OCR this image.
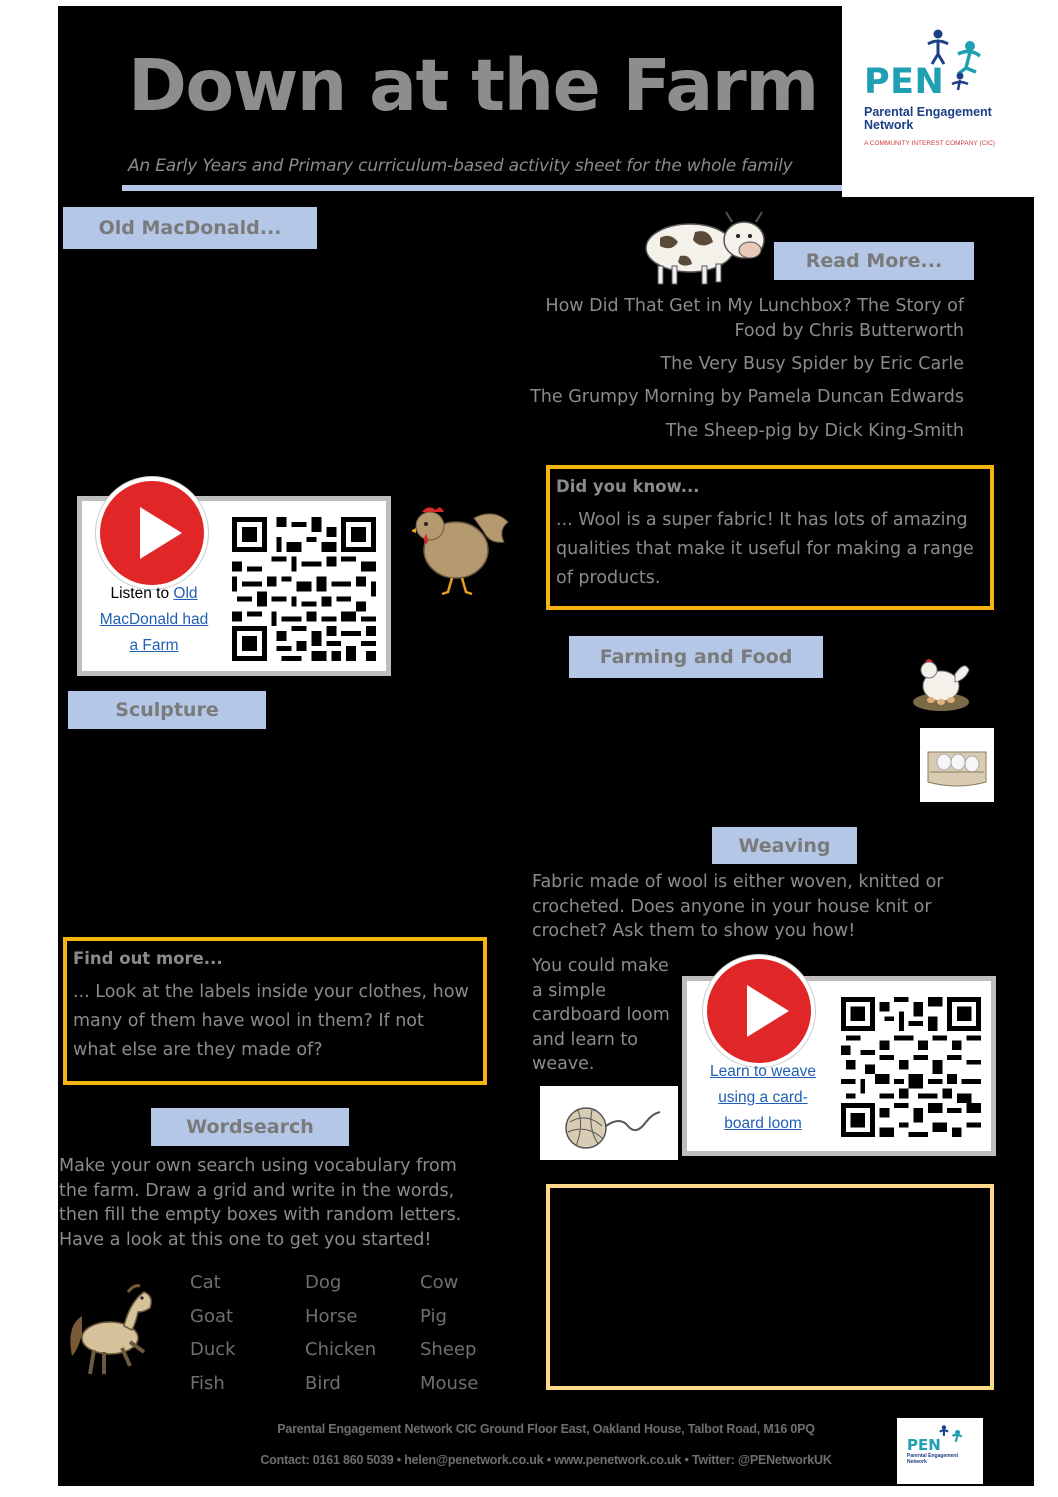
Down at the Farm
An Early Years and Primary curriculum-based activity sheet for the whole family
Old MacDonald...
Read More...
Farming and Food
Sculpture
Weaving
Wordsearch
How Did That Get in My Lunchbox? The Story of
Food by Chris Butterworth
The Very Busy Spider by Eric Carle
The Grumpy Morning by Pamela Duncan Edwards
The Sheep-pig by Dick King-Smith
Did you know...
... Wool is a super fabric! It has lots of amazing
qualities that make it useful for making a range
of products.
Listen to Old
MacDonald had
a Farm
Fabric made of wool is either woven, knitted or
crocheted. Does anyone in your house knit or
crochet? Ask them to show you how!
You could make
a simple
cardboard loom
and learn to
weave.	Learn to weave
using a card-
board loom
Find out more...
... Look at the labels inside your clothes, how
many of them have wool in them? If not
what else are they made of?
Make your own search using vocabulary from
the farm. Draw a grid and write in the words,
then fill the empty boxes with random letters.
Have a look at this one to get you started!
Cat	Dog	Cow
Goat	Horse	Pig
Duck	Chicken	Sheep
Fish	Bird	Mouse
Parental Engagement Network CIC Ground Floor East, Oakland House, Talbot Road, M16 0PQ
Contact: 0161 860 5039 • helen@penetwork.co.uk • www.penetwork.co.uk • Twitter: @PENetworkUK
PEN
Parental Engagement
Network
A COMMUNITY INTEREST COMPANY (CIC)
PEN
Parental Engagement
Network
